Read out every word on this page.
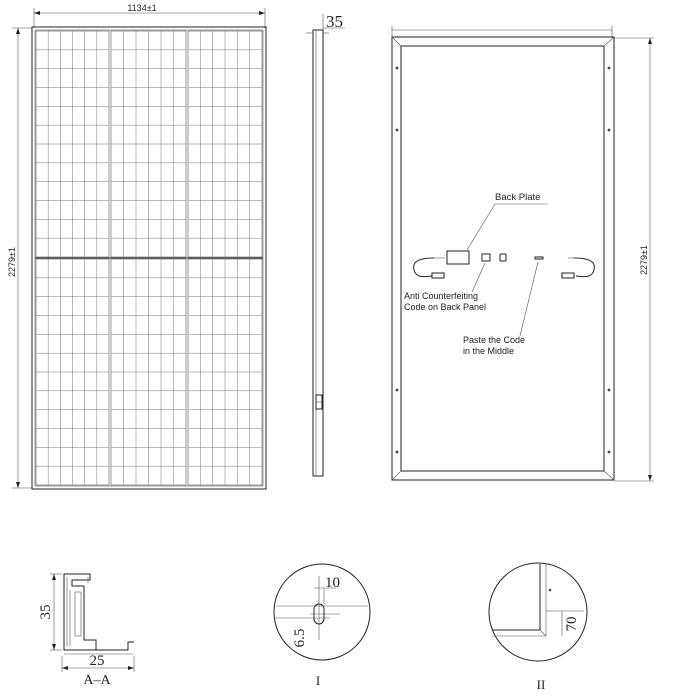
1134±1
2279±1
35
2279±1
Back Plate
Anti Counterfeiting
Code on Back Panel
Paste the Code
in the Middle
35
25
A–A
10
6.5
I
70
II
